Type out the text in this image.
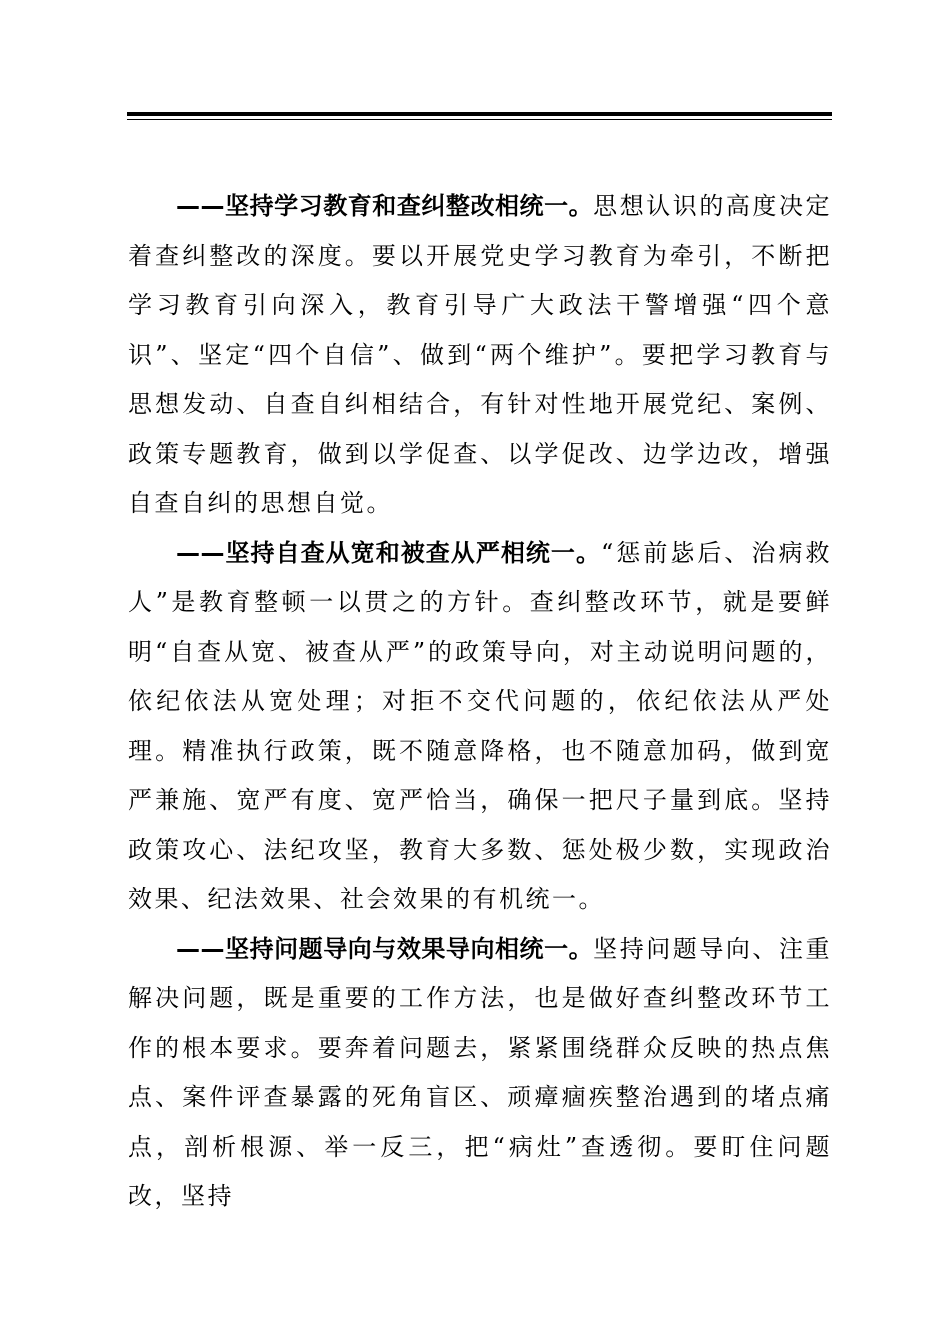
——坚持学习教育和查纠整改相统一。思想认识的高度决定着查纠整改的深度。要以开展党史学习教育为牵引，不断把学习教育引向深入，教育引导广大政法干警增强“四个意识”、坚定“四个自信”、做到“两个维护”。要把学习教育与思想发动、自查自纠相结合，有针对性地开展党纪、案例、政策专题教育，做到以学促查、以学促改、边学边改，增强自查自纠的思想自觉。

——坚持自查从宽和被查从严相统一。“惩前毖后、治病救人”是教育整顿一以贯之的方针。查纠整改环节，就是要鲜明“自查从宽、被查从严”的政策导向，对主动说明问题的，依纪依法从宽处理；对拒不交代问题的，依纪依法从严处理。精准执行政策，既不随意降格，也不随意加码，做到宽严兼施、宽严有度、宽严恰当，确保一把尺子量到底。坚持政策攻心、法纪攻坚，教育大多数、惩处极少数，实现政治效果、纪法效果、社会效果的有机统一。

——坚持问题导向与效果导向相统一。坚持问题导向、注重解决问题，既是重要的工作方法，也是做好查纠整改环节工作的根本要求。要奔着问题去，紧紧围绕群众反映的热点焦点、案件评查暴露的死角盲区、顽瘴痼疾整治遇到的堵点痛点，剖析根源、举一反三，把“病灶”查透彻。要盯住问题改，坚持
